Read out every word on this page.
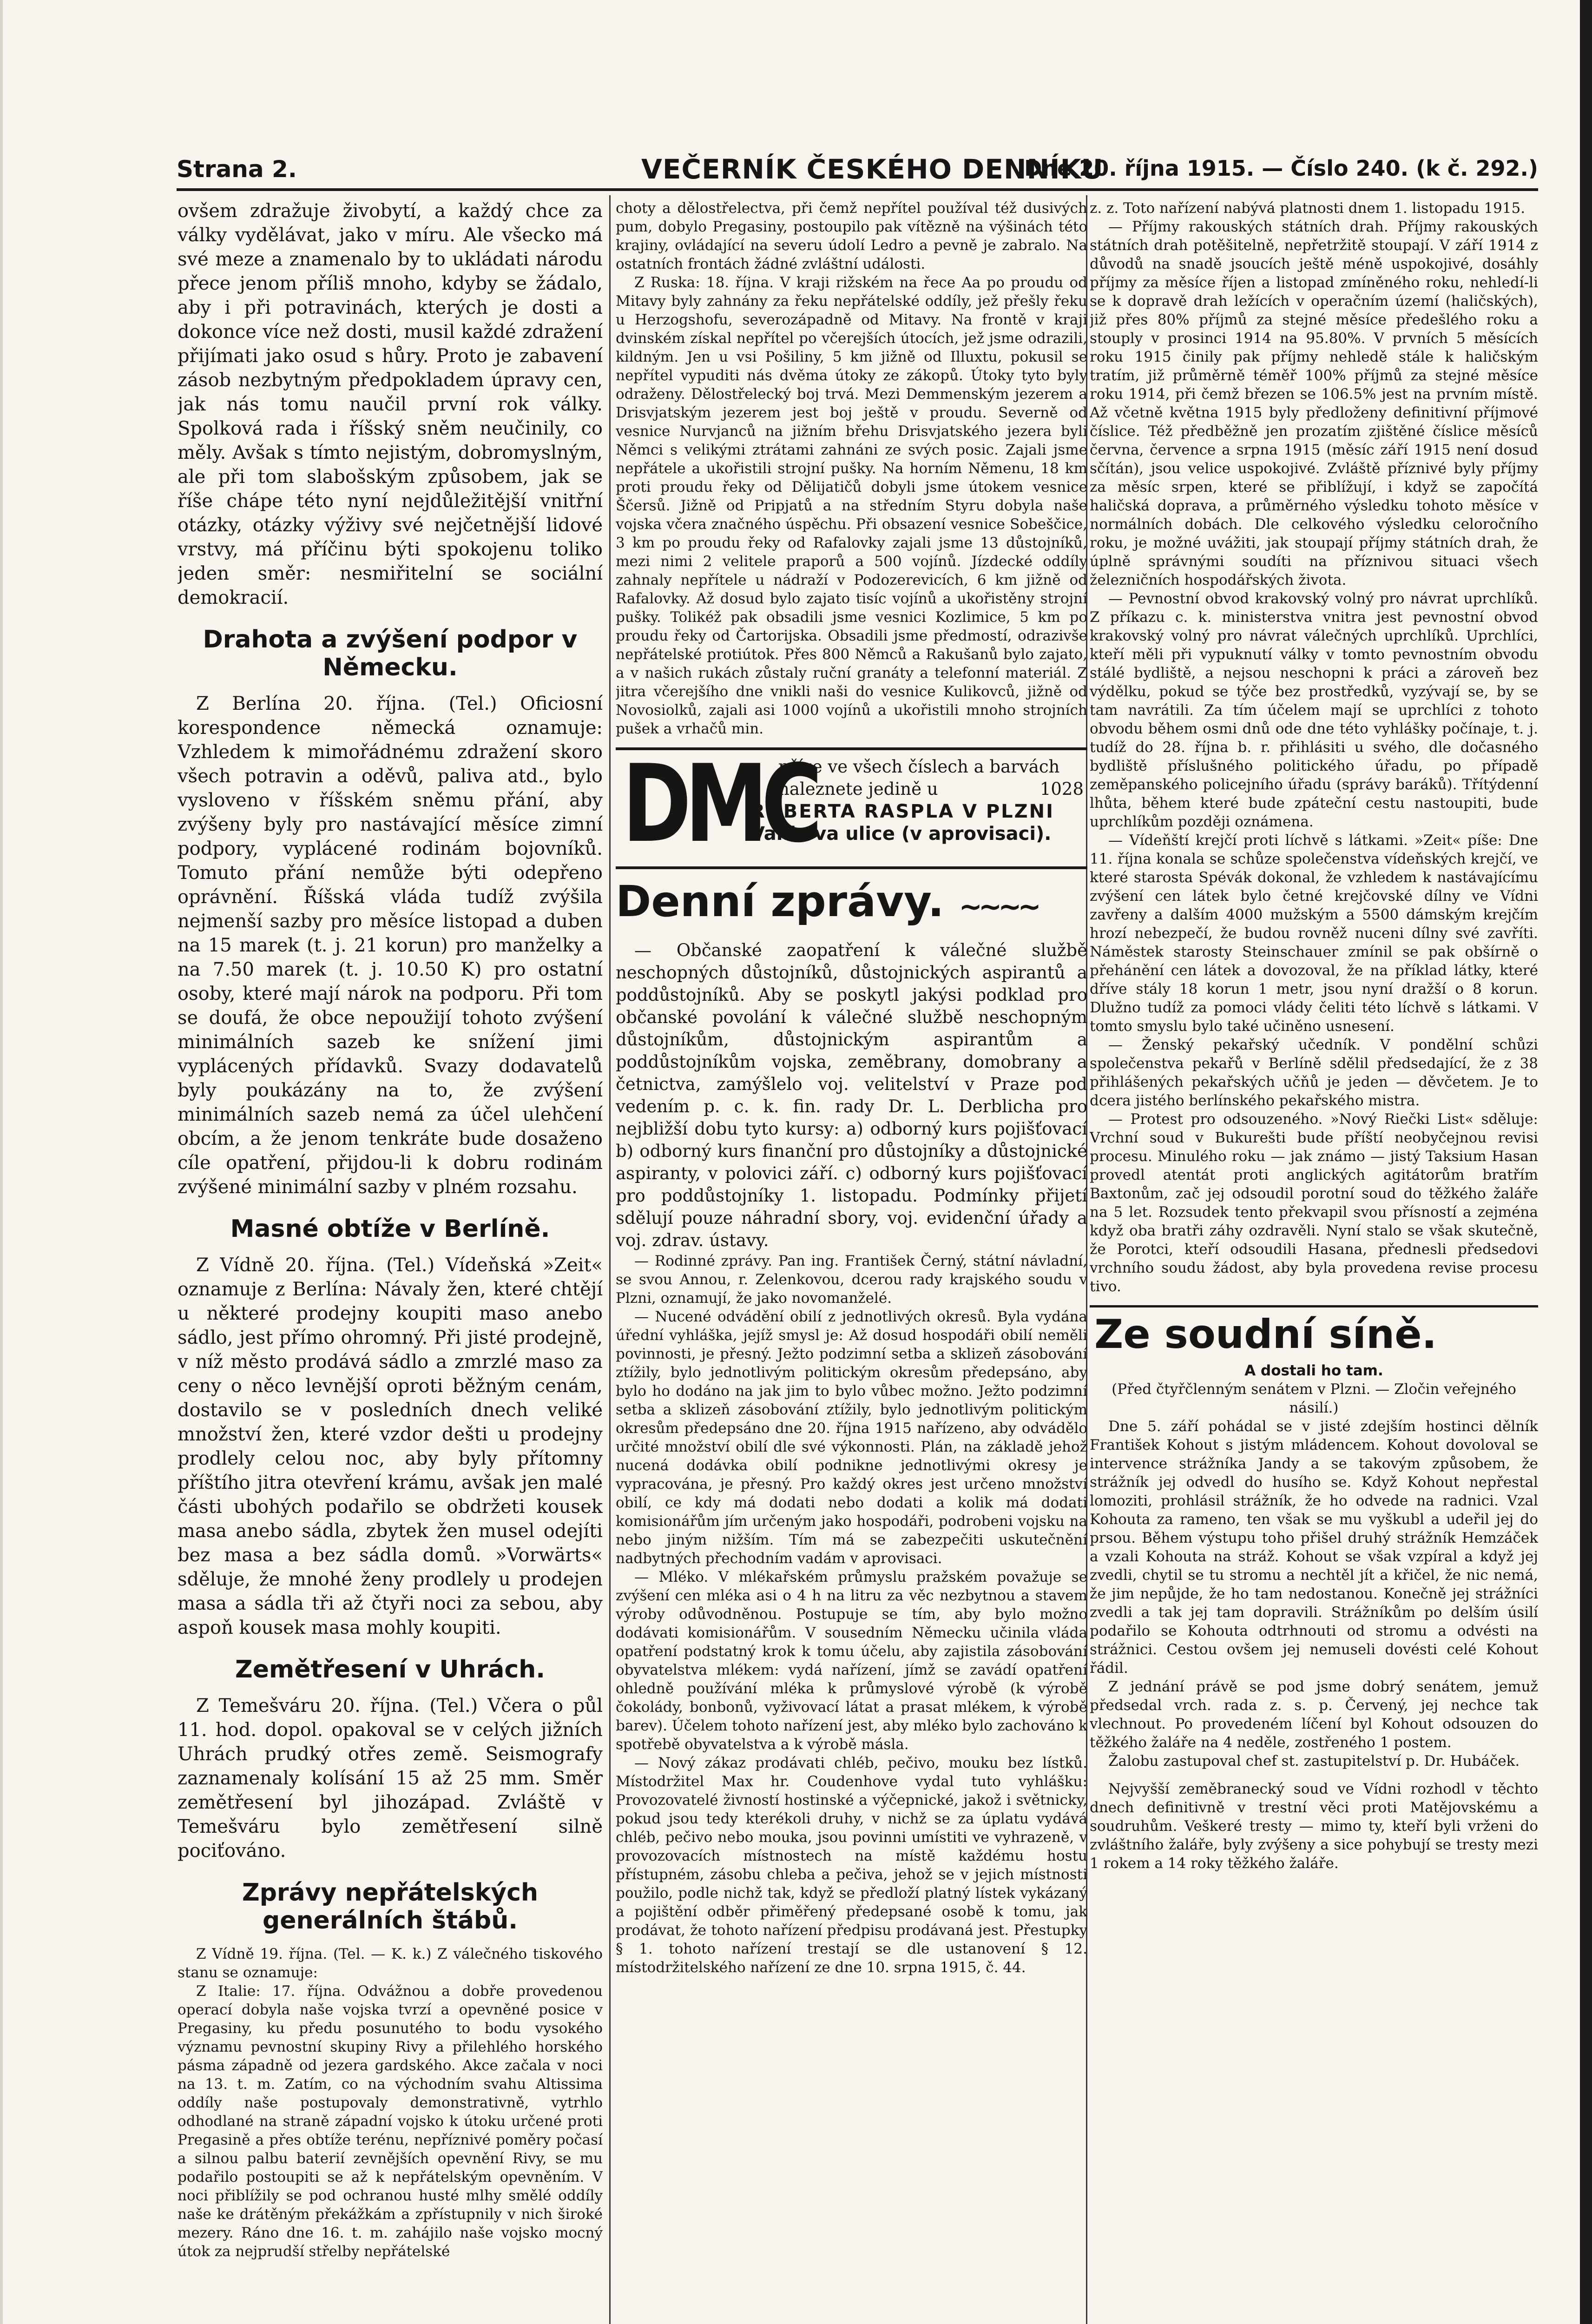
Strana 2.	VEČERNÍK ČESKÉHO DENNÍKU
Dne 20. října 1915. — Číslo 240. (k č. 292.)

ovšem zdražuje živobytí, a každý chce za války vydělávat, jako v míru. Ale všecko má své meze a znamenalo by to ukládati národu přece jenom příliš mnoho, kdyby se žádalo, aby i při potravinách, kterých je dosti a dokonce více než dosti, musil každé zdražení přijímati jako osud s hůry. Proto je zabavení zásob nezbytným předpokladem úpravy cen, jak nás tomu naučil první rok války. Spolková rada i říšský sněm neučinily, co měly. Avšak s tímto nejistým, dobromyslným, ale při tom slabošským způsobem, jak se říše chápe této nyní nejdůležitější vnitřní otázky, otázky výživy své nejčetnější lidové vrstvy, má příčinu býti spokojenu toliko jeden směr: nesmiřitelní se sociální demokracií.

Drahota a zvýšení podpor v Německu.

Z Berlína 20. října. (Tel.) Oficiosní korespondence německá oznamuje: Vzhledem k mimořádnému zdražení skoro všech potravin a oděvů, paliva atd., bylo vysloveno v říšském sněmu přání, aby zvýšeny byly pro nastávající měsíce zimní podpory, vyplácené rodinám bojovníků. Tomuto přání nemůže býti odepřeno oprávnění. Říšská vláda tudíž zvýšila nejmenší sazby pro měsíce listopad a duben na 15 marek (t. j. 21 korun) pro manželky a na 7.50 marek (t. j. 10.50 K) pro ostatní osoby, které mají nárok na podporu. Při tom se doufá, že obce nepoužijí tohoto zvýšení minimálních sazeb ke snížení jimi vyplácených přídavků. Svazy dodavatelů byly poukázány na to, že zvýšení minimálních sazeb nemá za účel ulehčení obcím, a že jenom tenkráte bude dosaženo cíle opatření, přijdou-li k dobru rodinám zvýšené minimální sazby v plném rozsahu.

Masné obtíže v Berlíně.

Z Vídně 20. října. (Tel.) Vídeňská »Zeit« oznamuje z Berlína: Návaly žen, které chtějí u některé prodejny koupiti maso anebo sádlo, jest přímo ohromný. Při jisté prodejně, v níž město prodává sádlo a zmrzlé maso za ceny o něco levnější oproti běžným cenám, dostavilo se v posledních dnech veliké množství žen, které vzdor dešti u prodejny prodlely celou noc, aby byly přítomny příštího jitra otevření krámu, avšak jen malé části ubohých podařilo se obdržeti kousek masa anebo sádla, zbytek žen musel odejíti bez masa a bez sádla domů. »Vorwärts« sděluje, že mnohé ženy prodlely u prodejen masa a sádla tři až čtyři noci za sebou, aby aspoň kousek masa mohly koupiti.

Zemětřesení v Uhrách.

Z Temešváru 20. října. (Tel.) Včera o půl 11. hod. dopol. opakoval se v celých jižních Uhrách prudký otřes země. Seismografy zaznamenaly kolísání 15 až 25 mm. Směr zemětřesení byl jihozápad. Zvláště v Temešváru bylo zemětřesení silně pociťováno.

Zprávy nepřátelských generálních štábů.

Z Vídně 19. října. (Tel. — K. k.) Z válečného tiskového stanu se oznamuje:

Z Italie: 17. října. Odvážnou a dobře provedenou operací dobyla naše vojska tvrzí a opevněné posice v Pregasiny, ku předu posunutého to bodu vysokého významu pevnostní skupiny Rivy a přilehlého horského pásma západně od jezera gardského. Akce začala v noci na 13. t. m. Zatím, co na východním svahu Altissima oddíly naše postupovaly demonstrativně, vytrhlo odhodlané na straně západní vojsko k útoku určené proti Pregasině a přes obtíže terénu, nepříznivé poměry počasí a silnou palbu baterií zevnějších opevnění Rivy, se mu podařilo postoupiti se až k nepřátelským opevněním. V noci přiblížily se pod ochranou husté mlhy smělé oddíly naše ke drátěným překážkám a zpřístupnily v nich široké mezery. Ráno dne 16. t. m. zahájilo naše vojsko mocný útok za nejprudší střelby nepřátelské

choty a dělostřelectva, při čemž nepřítel používal též dusivých pum, dobylo Pregasiny, postoupilo pak vítězně na výšinách této krajiny, ovládající na severu údolí Ledro a pevně je zabralo. Na ostatních frontách žádné zvláštní události.

Z Ruska: 18. října. V kraji rižském na řece Aa po proudu od Mitavy byly zahnány za řeku nepřátelské oddíly, jež přešly řeku u Herzogshofu, severozápadně od Mitavy. Na frontě v kraji dvinském získal nepřítel po včerejších útocích, jež jsme odrazili, kildným. Jen u vsi Pošiliny, 5 km jižně od Illuxtu, pokusil se nepřítel vypuditi nás dvěma útoky ze zákopů. Útoky tyto byly odraženy. Dělostřelecký boj trvá. Mezi Demmenským jezerem a Drisvjatským jezerem jest boj ještě v proudu. Severně od vesnice Nurvjanců na jižním břehu Drisvjatského jezera byli Němci s velikými ztrátami zahnáni ze svých posic. Zajali jsme nepřátele a ukořistili strojní pušky. Na horním Němenu, 18 km proti proudu řeky od Dělijatičů dobyli jsme útokem vesnice Ščersů. Jižně od Pripjatů a na středním Styru dobyla naše vojska včera značného úspěchu. Při obsazení vesnice Sobeščice, 3 km po proudu řeky od Rafalovky zajali jsme 13 důstojníků, mezi nimi 2 velitele praporů a 500 vojínů. Jízdecké oddíly zahnaly nepřítele u nádraží v Podozerevicích, 6 km jižně od Rafalovky. Až dosud bylo zajato tisíc vojínů a ukořistěny strojní pušky. Tolikéž pak obsadili jsme vesnici Kozlimice, 5 km po proudu řeky od Čartorijska. Obsadili jsme předmostí, odrazivše nepřátelské protiútok. Přes 800 Němců a Rakušanů bylo zajato, a v našich rukách zůstaly ruční granáty a telefonní materiál. Z jitra včerejšího dne vnikli naši do vesnice Kulikovců, jižně od Novosiolků, zajali asi 1000 vojínů a ukořistili mnoho strojních pušek a vrhačů min.

DMC
příze ve všech číslech a barvách
naleznete jedině u	1028
ROBERTA RASPLA V PLZNI
Vankova ulice (v aprovisaci).
Denní zprávy. ~~~~

— Občanské zaopatření k válečné službě neschopných důstojníků, důstojnických aspirantů a poddůstojníků. Aby se poskytl jakýsi podklad pro občanské povolání k válečné službě neschopným důstojníkům, důstojnickým aspirantům a poddůstojníkům vojska, zeměbrany, domobrany a četnictva, zamýšlelo voj. velitelství v Praze pod vedením p. c. k. fin. rady Dr. L. Derblicha pro nejbližší dobu tyto kursy: a) odborný kurs pojišťovací b) odborný kurs finanční pro důstojníky a důstojnické aspiranty, v polovici září. c) odborný kurs pojišťovací pro poddůstojníky 1. listopadu. Podmínky přijetí sdělují pouze náhradní sbory, voj. evidenční úřady a voj. zdrav. ústavy.

— Rodinné zprávy. Pan ing. František Černý, státní návladní, se svou Annou, r. Zelenkovou, dcerou rady krajského soudu v Plzni, oznamují, že jako novomanželé.

— Nucené odvádění obilí z jednotlivých okresů. Byla vydána úřední vyhláška, jejíž smysl je: Až dosud hospodáři obilí neměli povinnosti, je přesný. Ježto podzimní setba a sklizeň zásobování ztížily, bylo jednotlivým politickým okresům předepsáno, aby bylo ho dodáno na jak jim to bylo vůbec možno. Ježto podzimní setba a sklizeň zásobování ztížily, bylo jednotlivým politickým okresům předepsáno dne 20. října 1915 nařízeno, aby odvádělo určité množství obilí dle své výkonnosti. Plán, na základě jehož nucená dodávka obilí podnikne jednotlivými okresy je vypracována, je přesný. Pro každý okres jest určeno množství obilí, ce kdy má dodati nebo dodati a kolik má dodati komisionářům jím určeným jako hospodáři, podrobeni vojsku na nebo jiným nižším. Tím má se zabezpečiti uskutečnění nadbytných přechodním vadám v aprovisaci.

— Mléko. V mlékařském průmyslu pražském považuje se zvýšení cen mléka asi o 4 h na litru za věc nezbytnou a stavem výroby odůvodněnou. Postupuje se tím, aby bylo možno dodávati komisionářům. V sousedním Německu učinila vláda opatření podstatný krok k tomu účelu, aby zajistila zásobování obyvatelstva mlékem: vydá nařízení, jímž se zavádí opatření ohledně používání mléka k průmyslové výrobě (k výrobě čokolády, bonbonů, vyživovací látat a prasat mlékem, k výrobě barev). Účelem tohoto nařízení jest, aby mléko bylo zachováno k spotřebě obyvatelstva a k výrobě másla.

— Nový zákaz prodávati chléb, pečivo, mouku bez lístků. Místodržitel Max hr. Coudenhove vydal tuto vyhlášku: Provozovatelé živností hostinské a výčepnické, jakož i světnicky, pokud jsou tedy kterékoli druhy, v nichž se za úplatu vydává chléb, pečivo nebo mouka, jsou povinni umístiti ve vyhrazeně, v provozovacích místnostech na místě každému hostu přístupném, zásobu chleba a pečiva, jehož se v jejich místnosti použilo, podle nichž tak, když se předloží platný lístek vykázaný a pojištění odběr přiměřený předepsané osobě k tomu, jak prodávat, že tohoto nařízení předpisu prodávaná jest. Přestupky § 1. tohoto nařízení trestají se dle ustanovení § 12. místodržitelského nařízení ze dne 10. srpna 1915, č. 44.

z. z. Toto nařízení nabývá platnosti dnem 1. listopadu 1915.

— Příjmy rakouských státních drah. Příjmy rakouských státních drah potěšitelně, nepřetržitě stoupají. V září 1914 z důvodů na snadě jsoucích ještě méně uspokojivé, dosáhly příjmy za měsíce říjen a listopad zmíněného roku, nehledí-li se k dopravě drah ležících v operačním území (haličských), již přes 80% příjmů za stejné měsíce předešlého roku a stouply v prosinci 1914 na 95.80%. V prvních 5 měsících roku 1915 činily pak příjmy nehledě stále k haličským tratím, již průměrně téměř 100% příjmů za stejné měsíce roku 1914, při čemž březen se 106.5% jest na prvním místě. Až včetně května 1915 byly předloženy definitivní příjmové číslice. Též předběžně jen prozatím zjištěné číslice měsíců června, července a srpna 1915 (měsíc září 1915 není dosud sčítán), jsou velice uspokojivé. Zvláště příznivé byly příjmy za měsíc srpen, které se přiblížují, i když se započítá haličská doprava, a průměrného výsledku tohoto měsíce v normálních dobách. Dle celkového výsledku celoročního roku, je možné uvážiti, jak stoupají příjmy státních drah, že úplně správnými soudíti na příznivou situaci všech železničních hospodářských života.

— Pevnostní obvod krakovský volný pro návrat uprchlíků. Z příkazu c. k. ministerstva vnitra jest pevnostní obvod krakovský volný pro návrat válečných uprchlíků. Uprchlíci, kteří měli při vypuknutí války v tomto pevnostním obvodu stálé bydliště, a nejsou neschopni k práci a zároveň bez výdělku, pokud se týče bez prostředků, vyzývají se, by se tam navrátili. Za tím účelem mají se uprchlíci z tohoto obvodu během osmi dnů ode dne této vyhlášky počínaje, t. j. tudíž do 28. října b. r. přihlásiti u svého, dle dočasného bydliště příslušného politického úřadu, po případě zeměpanského policejního úřadu (správy baráků). Třítýdenní lhůta, během které bude zpáteční cestu nastoupiti, bude uprchlíkům později oznámena.

— Vídeňští krejčí proti líchvě s látkami. »Zeit« píše: Dne 11. října konala se schůze společenstva vídeňských krejčí, ve které starosta Spévák dokonal, že vzhledem k nastávajícímu zvýšení cen látek bylo četné krejčovské dílny ve Vídni zavřeny a dalším 4000 mužským a 5500 dámským krejčím hrozí nebezpečí, že budou rovněž nuceni dílny své zavříti. Náměstek starosty Steinschauer zmínil se pak obšírně o přehánění cen látek a dovozoval, že na příklad látky, které dříve stály 18 korun 1 metr, jsou nyní dražší o 8 korun. Dlužno tudíž za pomoci vlády čeliti této líchvě s látkami. V tomto smyslu bylo také učiněno usnesení.

— Ženský pekařský učedník. V pondělní schůzi společenstva pekařů v Berlíně sdělil předsedající, že z 38 přihlášených pekařských učňů je jeden — děvčetem. Je to dcera jistého berlínského pekařského mistra.

— Protest pro odsouzeného. »Nový Riečki List« sděluje: Vrchní soud v Bukurešti bude příští neobyčejnou revisi procesu. Minulého roku — jak známo — jistý Taksium Hasan provedl atentát proti anglických agitátorům bratřím Baxtonům, zač jej odsoudil porotní soud do těžkého žaláře na 5 let. Rozsudek tento překvapil svou přísností a zejména když oba bratři záhy ozdravěli. Nyní stalo se však skutečně, že Porotci, kteří odsoudili Hasana, přednesli předsedovi vrchního soudu žádost, aby byla provedena revise procesu tivo.

Ze soudní síně.
A dostali ho tam.

(Před čtyřčlenným senátem v Plzni. — Zločin veřejného násilí.)

Dne 5. září pohádal se v jisté zdejším hostinci dělník František Kohout s jistým mládencem. Kohout dovoloval se intervence strážníka Jandy a se takovým způsobem, že strážník jej odvedl do husího se. Když Kohout nepřestal lomoziti, prohlásil strážník, že ho odvede na radnici. Vzal Kohouta za rameno, ten však se mu vyškubl a udeřil jej do prsou. Během výstupu toho přišel druhý strážník Hemzáček a vzali Kohouta na stráž. Kohout se však vzpíral a když jej zvedli, chytil se tu stromu a nechtěl jít a křičel, že nic nemá, že jim nepůjde, že ho tam nedostanou. Konečně jej strážníci zvedli a tak jej tam dopravili. Strážníkům po delším úsilí podařilo se Kohouta odtrhnouti od stromu a odvésti na strážnici. Cestou ovšem jej nemuseli dovésti celé Kohout řádil.

Z jednání právě se pod jsme dobrý senátem, jemuž předsedal vrch. rada z. s. p. Červený, jej nechce tak vlechnout. Po provedeném líčení byl Kohout odsouzen do těžkého žaláře na 4 neděle, zostřeného 1 postem.

Žalobu zastupoval chef st. zastupitelství p. Dr. Hubáček.

Nejvyšší zeměbranecký soud ve Vídni rozhodl v těchto dnech definitivně v trestní věci proti Matějovskému a soudruhům. Veškeré tresty — mimo ty, kteří byli vrženi do zvláštního žaláře, byly zvýšeny a sice pohybují se tresty mezi 1 rokem a 14 roky těžkého žaláře.
